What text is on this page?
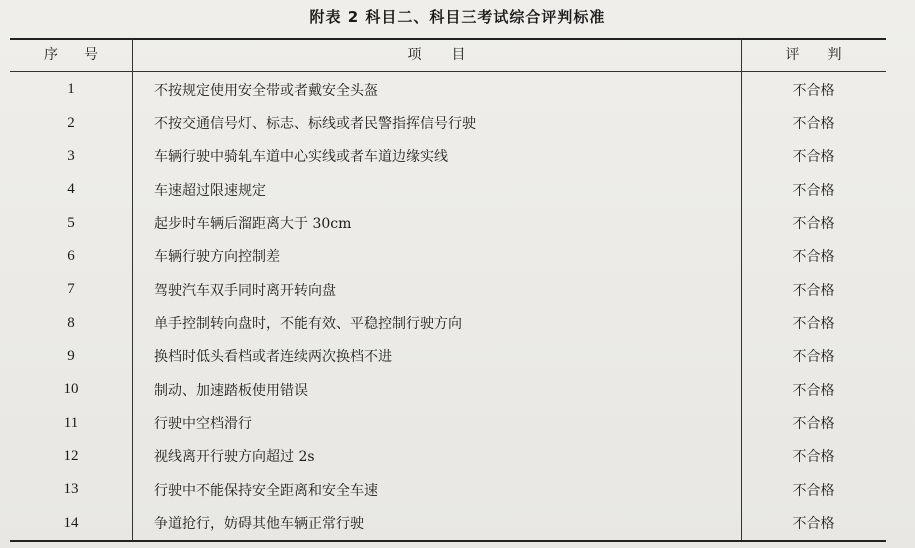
附表 2 科目二、科目三考试综合评判标准
序号	项目	评判
1	不按规定使用安全带或者戴安全头盔	不合格
2	不按交通信号灯、标志、标线或者民警指挥信号行驶	不合格
3	车辆行驶中骑轧车道中心实线或者车道边缘实线	不合格
4	车速超过限速规定	不合格
5	起步时车辆后溜距离大于 30cm	不合格
6	车辆行驶方向控制差	不合格
7	驾驶汽车双手同时离开转向盘	不合格
8	单手控制转向盘时，不能有效、平稳控制行驶方向	不合格
9	换档时低头看档或者连续两次换档不进	不合格
10	制动、加速踏板使用错误	不合格
11	行驶中空档滑行	不合格
12	视线离开行驶方向超过 2s	不合格
13	行驶中不能保持安全距离和安全车速	不合格
14	争道抢行，妨碍其他车辆正常行驶	不合格
